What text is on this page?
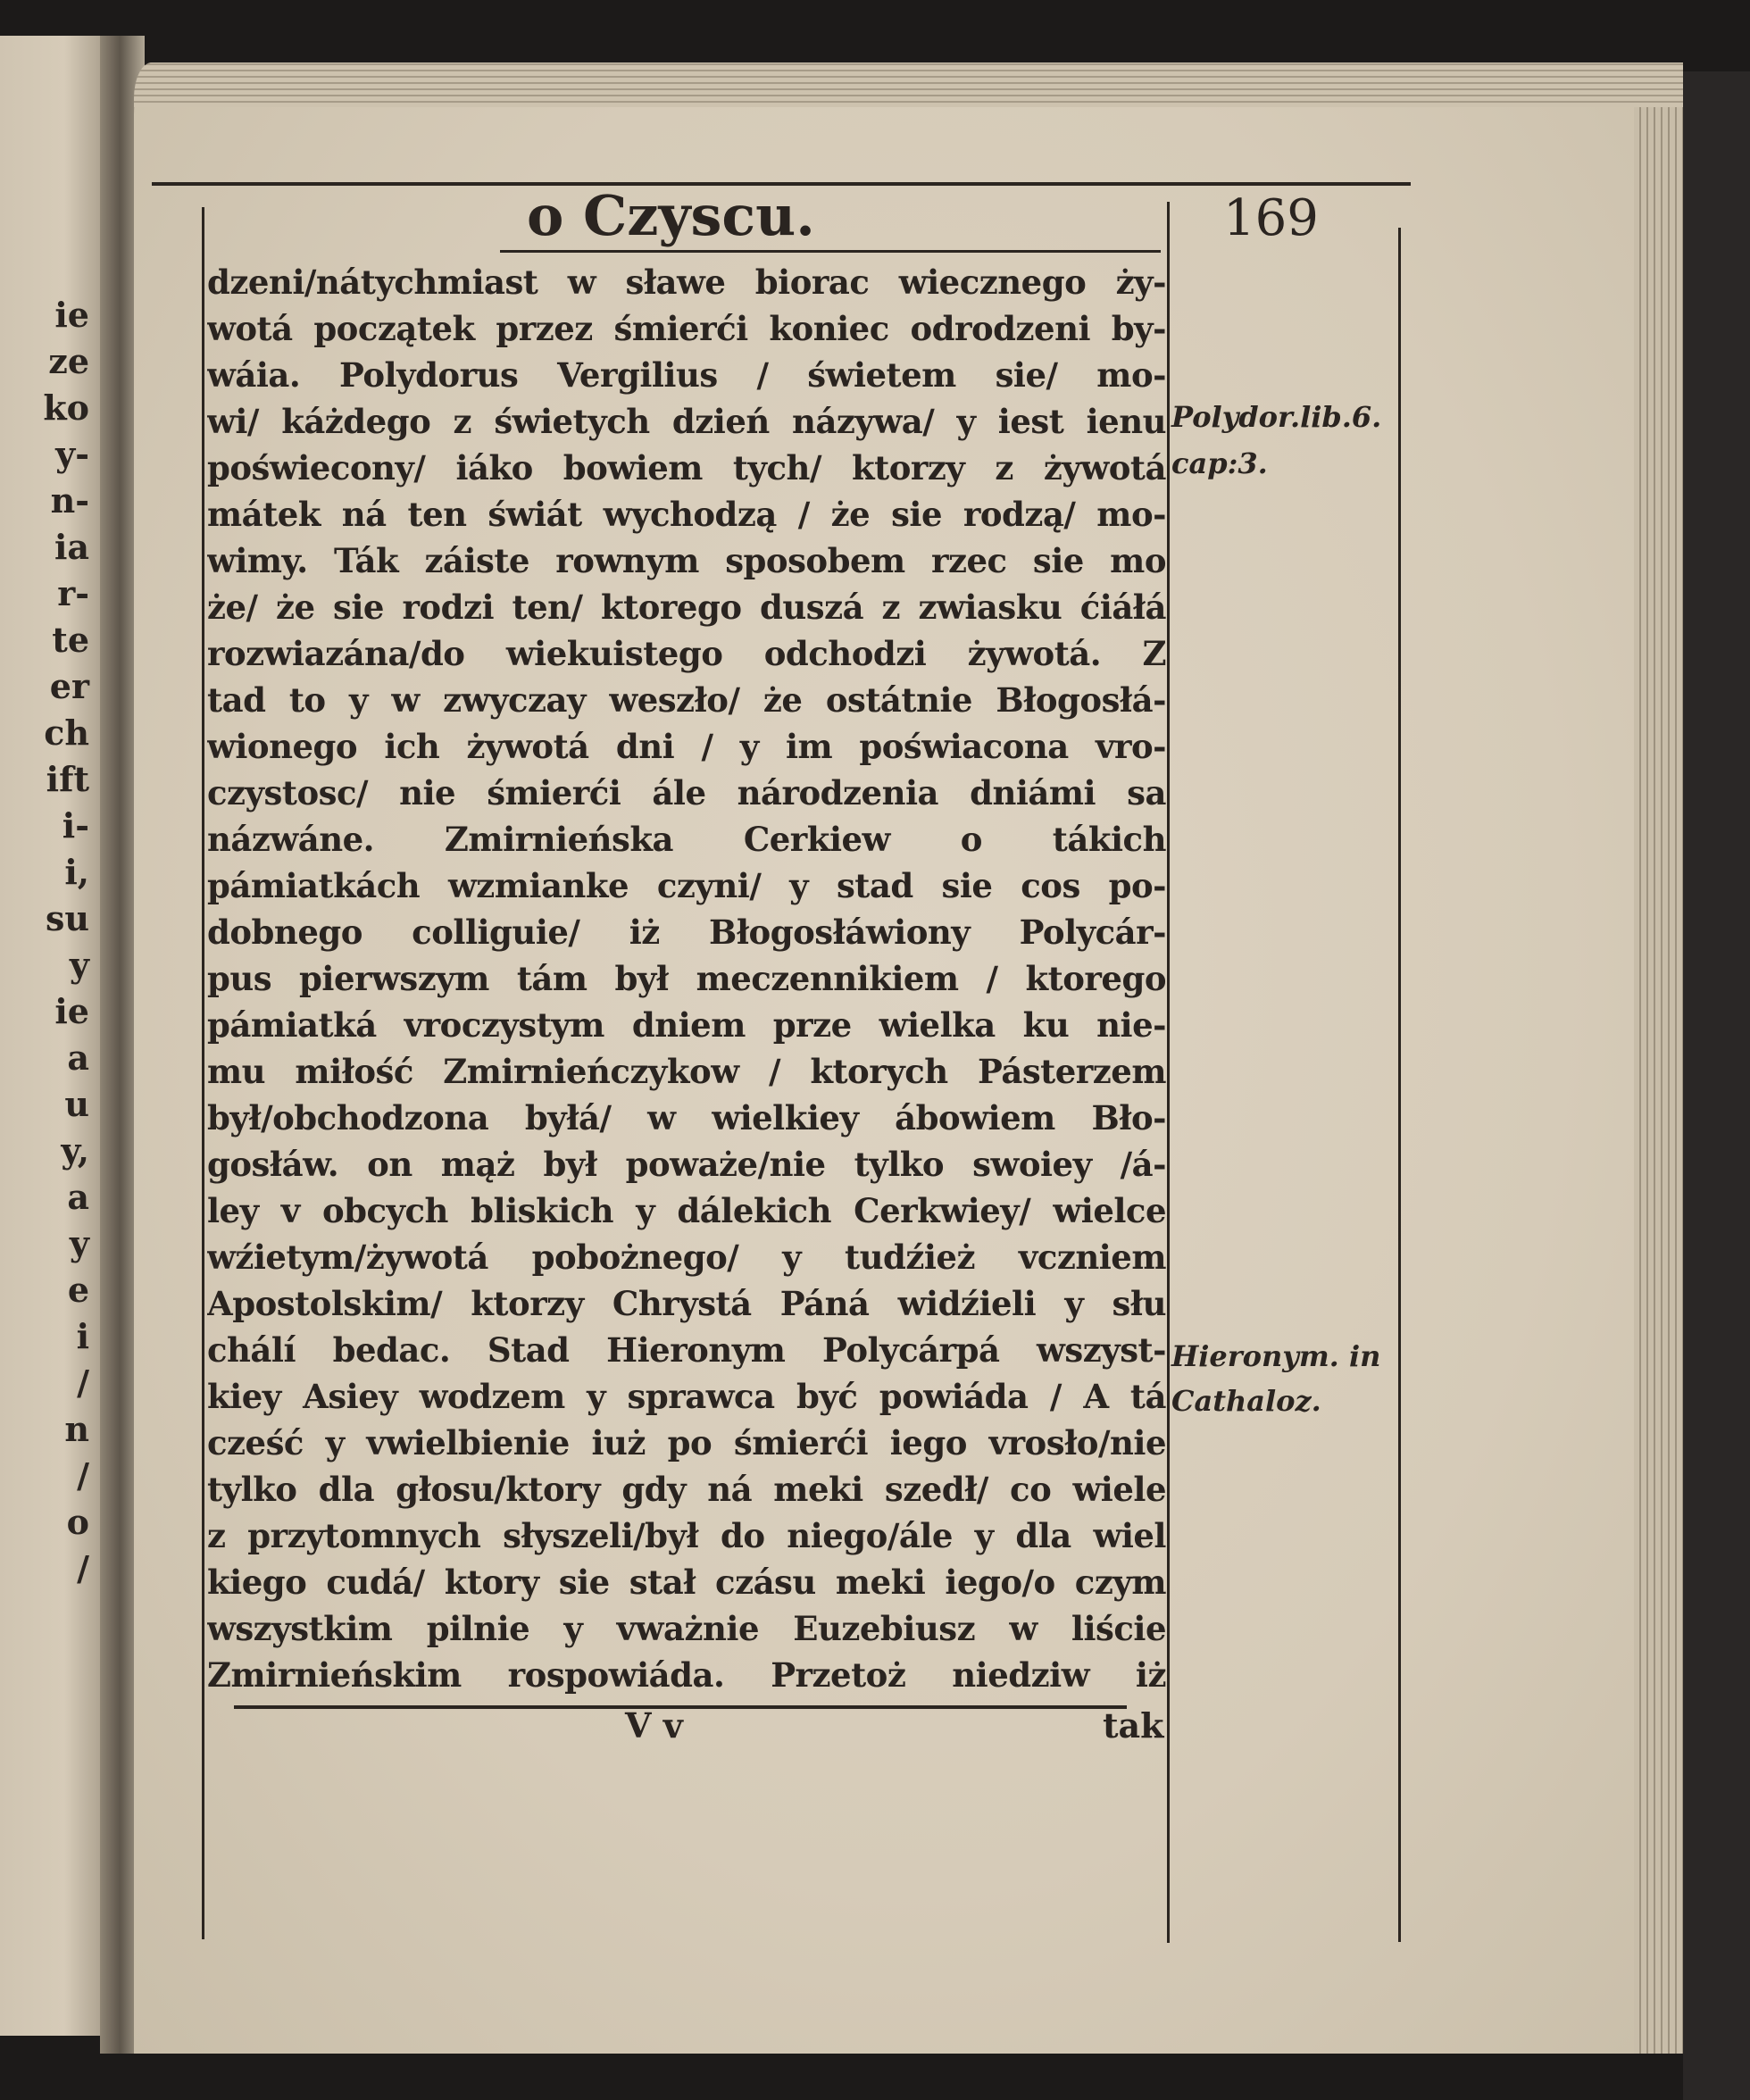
ie
ze
ko
y-
n-
ia
r-
te
er
ch
ift
i-
i,
su
y
ie
a
u
y,
a
y
e
i
/
n
/
o
/
o Czyscu.	169
dzeni/nátychmiast w sławe biorac wiecznego ży-
wotá początek przez śmierći koniec odrodzeni by-
wáia. Polydorus Vergilius / świetem sie/ mo-
wi/ káżdego z świetych dzień názywa/ y iest ienu
poświecony/ iáko bowiem tych/ ktorzy z żywotá
mátek ná ten świát wychodzą / że sie rodzą/ mo-
wimy. Ták záiste rownym sposobem rzec sie mo
że/ że sie rodzi ten/ ktorego duszá z zwiasku ćiáłá
rozwiazána/do wiekuistego odchodzi żywotá. Z
tad to y w zwyczay weszło/ że ostátnie Błogosłá-
wionego ich żywotá dni / y im poświacona vro-
czystosc/ nie śmierći ále národzenia dniámi sa
názwáne. Zmirnieńska Cerkiew o tákich
pámiatkách wzmianke czyni/ y stad sie cos po-
dobnego colliguie/ iż Błogosłáwiony Polycár-
pus pierwszym tám był meczennikiem / ktorego
pámiatká vroczystym dniem prze wielka ku nie-
mu miłość Zmirnieńczykow / ktorych Pásterzem
był/obchodzona byłá/ w wielkiey ábowiem Bło-
gosłáw. on mąż był poważe/nie tylko swoiey /á-
ley v obcych bliskich y dálekich Cerkwiey/ wielce
wźietym/żywotá pobożnego/ y tudźież vczniem
Apostolskim/ ktorzy Chrystá Páná widźieli y słu
chálí bedac. Stad Hieronym Polycárpá wszyst-
kiey Asiey wodzem y sprawca być powiáda / A tá
cześć y vwielbienie iuż po śmierći iego vrosło/nie
tylko dla głosu/ktory gdy ná meki szedł/ co wiele
z przytomnych słyszeli/był do niego/ále y dla wiel
kiego cudá/ ktory sie stał czásu meki iego/o czym
wszystkim pilnie y vważnie Euzebiusz w liście
Zmirnieńskim rospowiáda. Przetoż niedziw iż
Polydor.lib.6.
cap:3.
Hieronym. in
Cathaloz.
V v	tak
